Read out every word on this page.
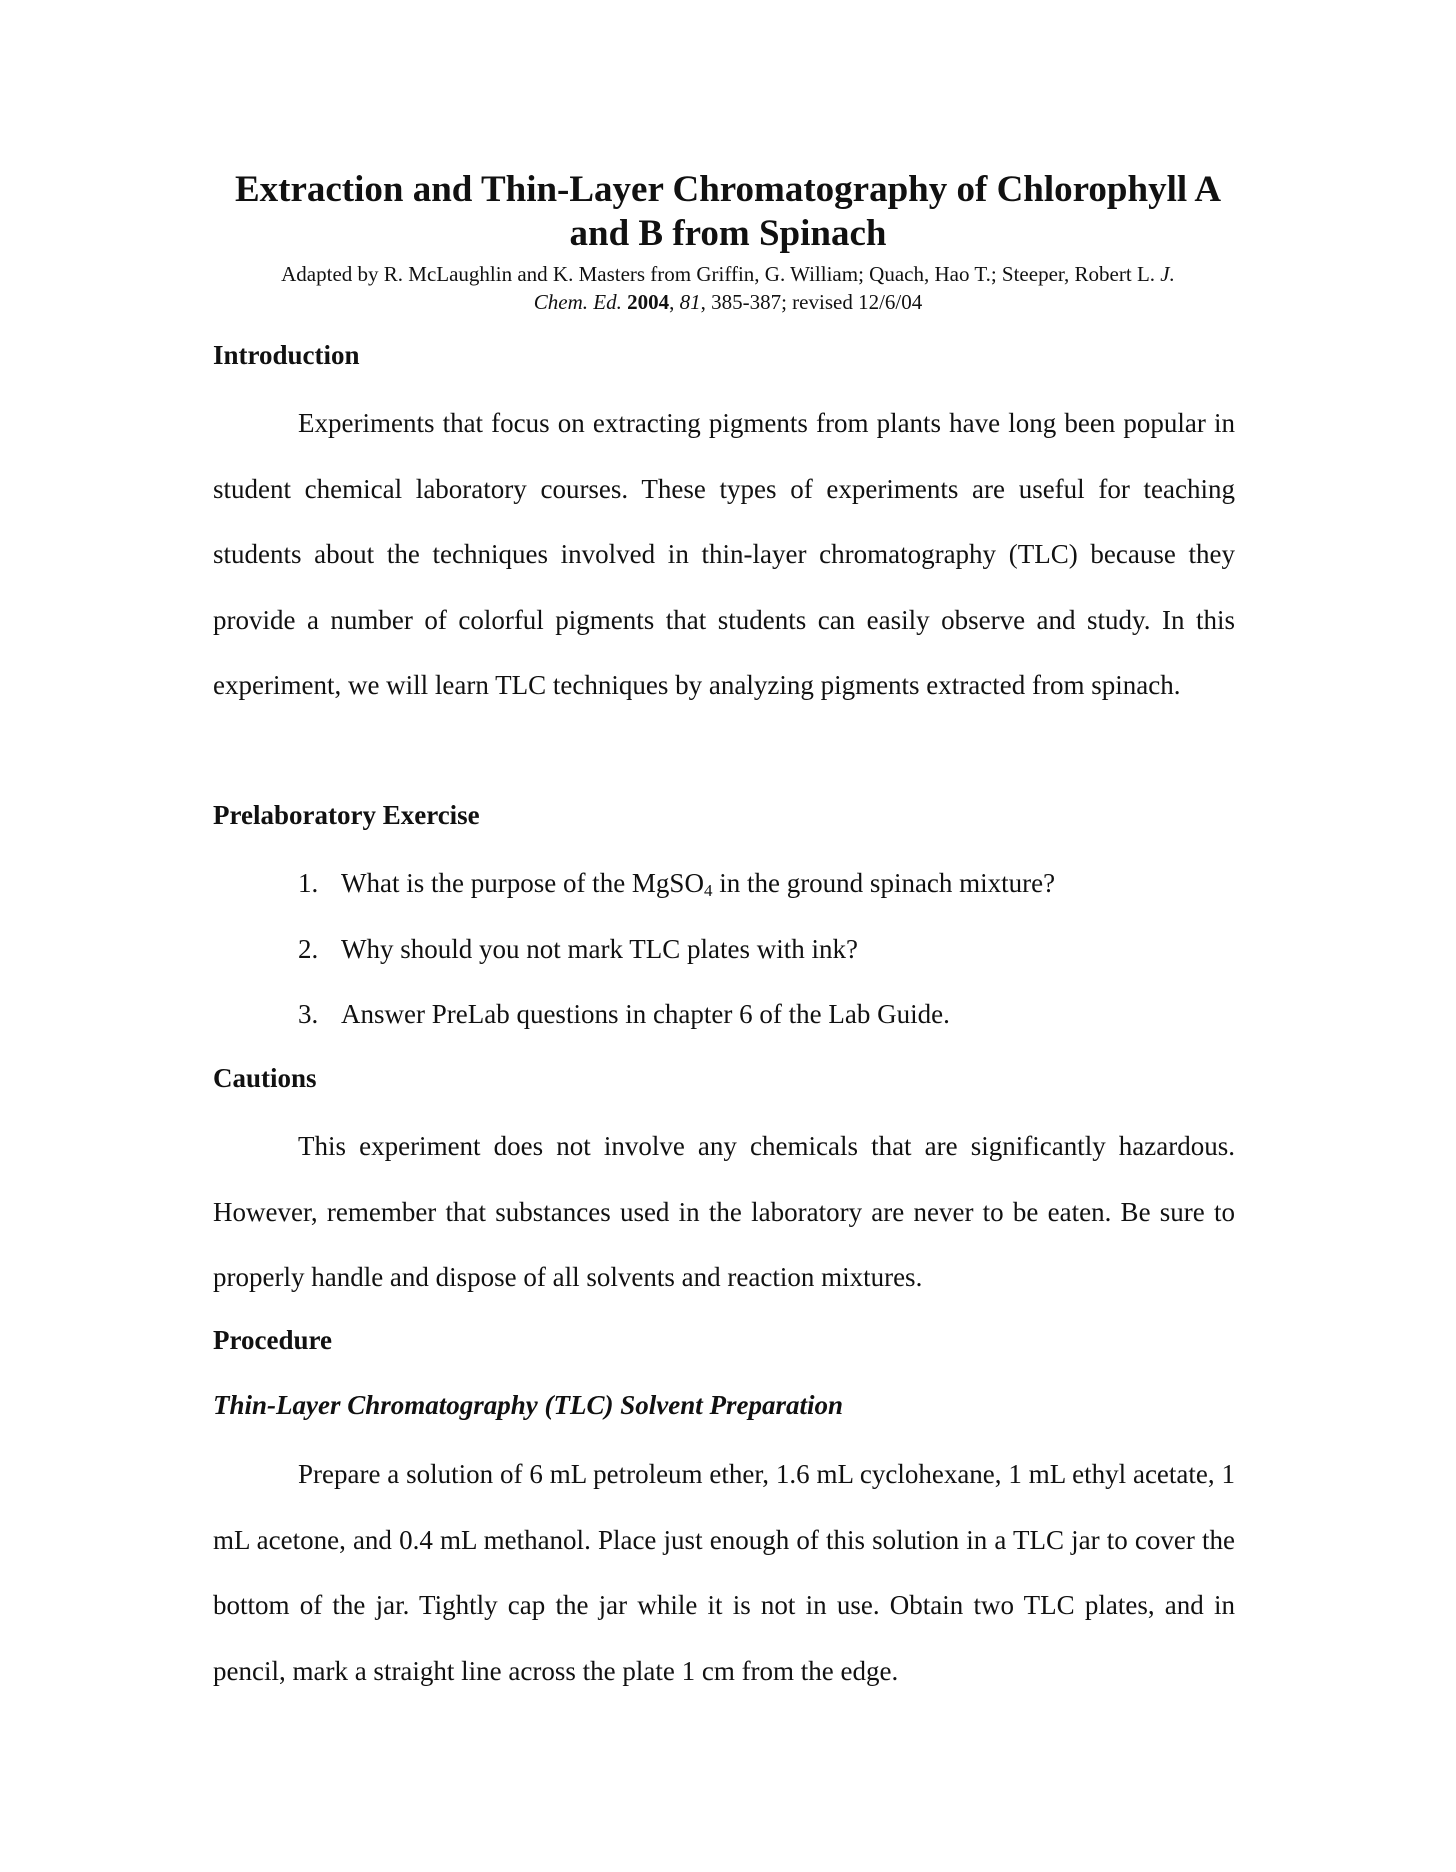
Extraction and Thin-Layer Chromatography of Chlorophyll A
and B from Spinach
Adapted by R. McLaughlin and K. Masters from Griffin, G. William; Quach, Hao T.; Steeper, Robert L. J.
Chem. Ed. 2004, 81, 385-387; revised 12/6/04
Introduction

Experiments that focus on extracting pigments from plants have long been popular in student chemical laboratory courses. These types of experiments are useful for teaching students about the techniques involved in thin-layer chromatography (TLC) because they provide a number of colorful pigments that students can easily observe and study. In this experiment, we will learn TLC techniques by analyzing pigments extracted from spinach.

Prelaboratory Exercise
1. What is the purpose of the MgSO$_4$ in the ground spinach mixture?
2. Why should you not mark TLC plates with ink?
3. Answer PreLab questions in chapter 6 of the Lab Guide.
Cautions

This experiment does not involve any chemicals that are significantly hazardous. However, remember that substances used in the laboratory are never to be eaten. Be sure to properly handle and dispose of all solvents and reaction mixtures.

Procedure
Thin-Layer Chromatography (TLC) Solvent Preparation

Prepare a solution of 6 mL petroleum ether, 1.6 mL cyclohexane, 1 mL ethyl acetate, 1 mL acetone, and 0.4 mL methanol. Place just enough of this solution in a TLC jar to cover the bottom of the jar. Tightly cap the jar while it is not in use. Obtain two TLC plates, and in pencil, mark a straight line across the plate 1 cm from the edge.
